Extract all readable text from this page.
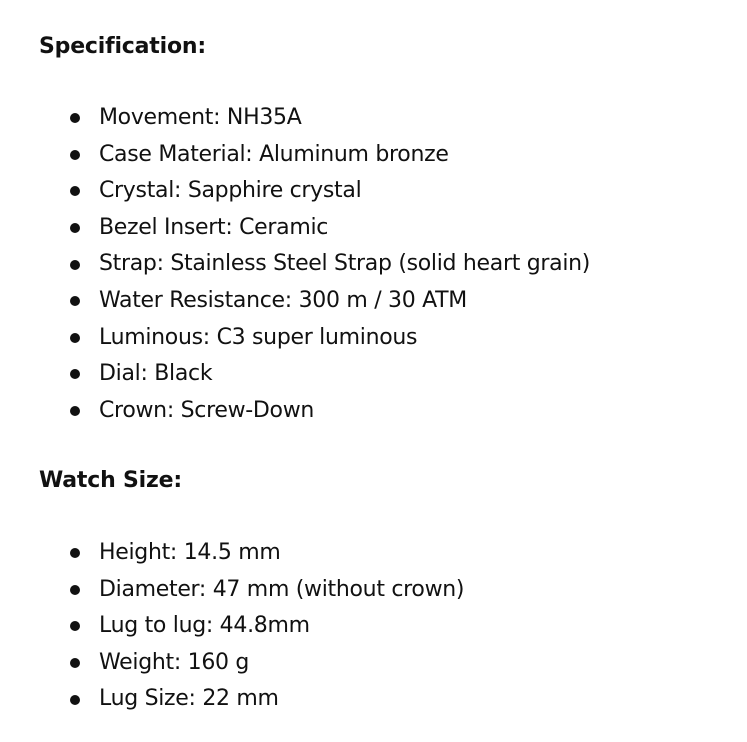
Specification:
Movement: NH35A
Case Material: Aluminum bronze
Crystal: Sapphire crystal
Bezel Insert: Ceramic
Strap: Stainless Steel Strap (solid heart grain)
Water Resistance: 300 m / 30 ATM
Luminous: C3 super luminous
Dial: Black
Crown: Screw-Down
Watch Size:
Height: 14.5 mm
Diameter: 47 mm (without crown)
Lug to lug: 44.8mm
Weight: 160 g
Lug Size: 22 mm
